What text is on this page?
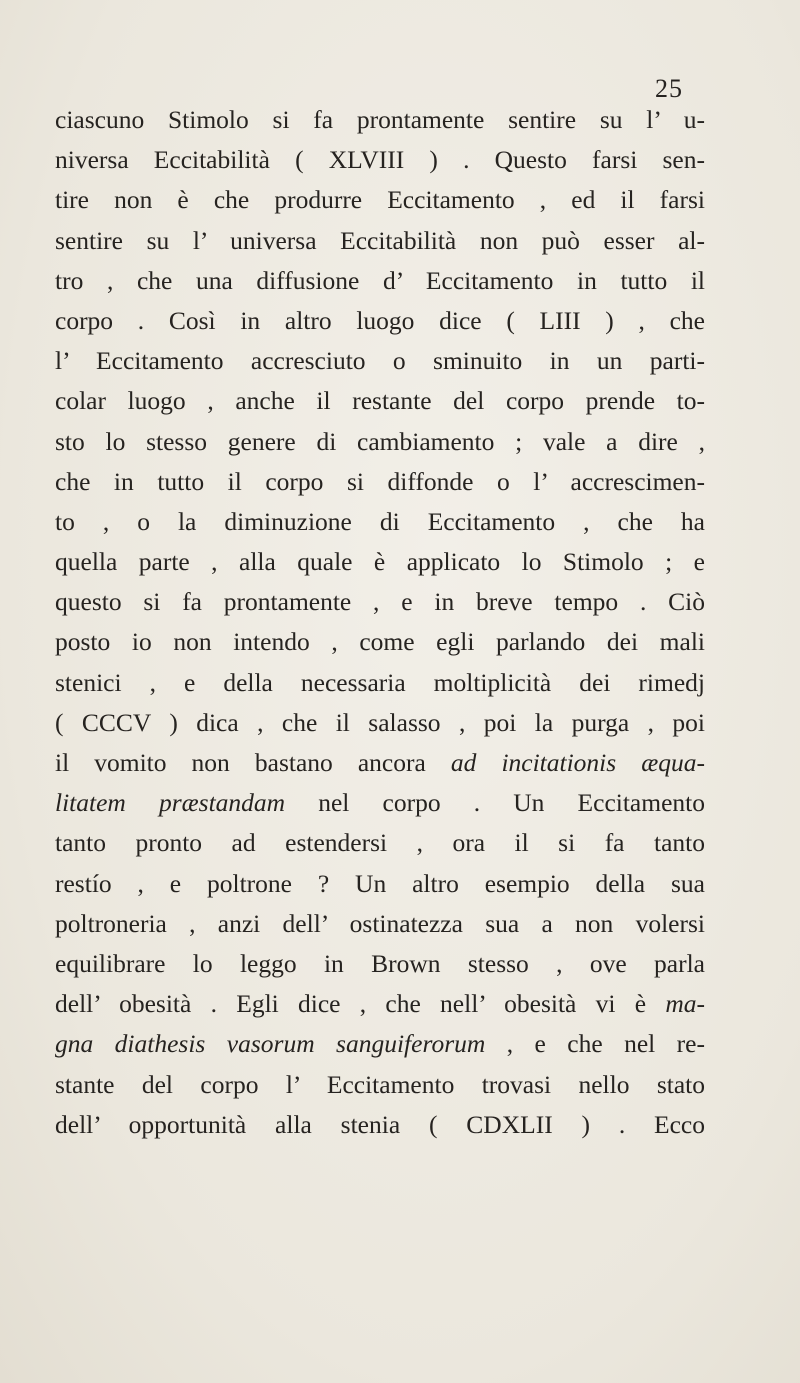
25
ciascuno Stimolo si fa prontamente sentire su l’ u-
niversa Eccitabilità ( XLVIII ) . Questo farsi sen-
tire non è che produrre Eccitamento , ed il farsi
sentire su l’ universa Eccitabilità non può esser al-
tro , che una diffusione d’ Eccitamento in tutto il
corpo . Così in altro luogo dice ( LIII ) , che
l’ Eccitamento accresciuto o sminuito in un parti-
colar luogo , anche il restante del corpo prende to-
sto lo stesso genere di cambiamento ; vale a dire ,
che in tutto il corpo si diffonde o l’ accrescimen-
to , o la diminuzione di Eccitamento , che ha
quella parte , alla quale è applicato lo Stimolo ; e
questo si fa prontamente , e in breve tempo . Ciò
posto io non intendo , come egli parlando dei mali
stenici , e della necessaria moltiplicità dei rimedj
( CCCV ) dica , che il salasso , poi la purga , poi
il vomito non bastano ancora ad incitationis æqua-
litatem præstandam nel corpo . Un Eccitamento
tanto pronto ad estendersi , ora il si fa tanto
restío , e poltrone ? Un altro esempio della sua
poltroneria , anzi dell’ ostinatezza sua a non volersi
equilibrare lo leggo in Brown stesso , ove parla
dell’ obesità . Egli dice , che nell’ obesità vi è ma-
gna diathesis vasorum sanguiferorum , e che nel re-
stante del corpo l’ Eccitamento trovasi nello stato
dell’ opportunità alla stenia ( CDXLII ) . Ecco
